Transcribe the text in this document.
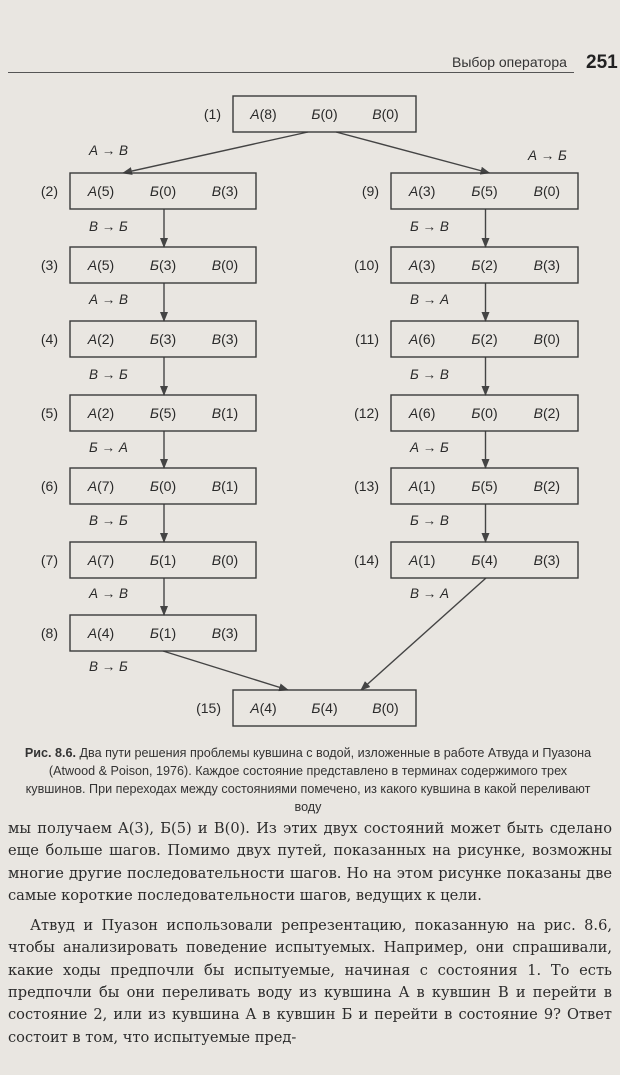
Выбор оператора 251
(1) A(8) Б(0) В(0)
(2) A(5)	Б(0)	В(3)
(3) A(5)	Б(3)	В(0)
(4) A(2)	Б(3)	В(3)
(5) A(2)	Б(5)	В(1)
(6) A(7)	Б(0)	В(1)
(7) A(7)	Б(1)	В(0)
(8) A(4)	Б(1)	В(3)
(9) A(3)	Б(5)	В(0)
(10) A(3)	Б(2)	В(3)
(11) A(6)	Б(2)	В(0)
(12) A(6)	Б(0)	В(2)
(13) A(1)	Б(5)	В(2)
(14) A(1)	Б(4)	В(3)
(15) A(4) Б(4) В(0)
A → В
В → Б
A → В
В → Б
Б → A
В → Б
A → В
В → Б
A → Б
Б → В
В → A
Б → В
A → Б
Б → В
В → A
Рис. 8.6. Два пути решения проблемы кувшина с водой, изложенные в работе Атвуда и Пуазона (Atwood & Poison, 1976). Каждое состояние представлено в терминах содержимого трех кувшинов. При переходах между состояниями помечено, из какого кувшина в какой переливают воду

мы получаем A(3), Б(5) и B(0). Из этих двух состояний может быть сделано еще больше шагов. Помимо двух путей, показанных на рисунке, возможны многие другие последовательности шагов. Но на этом рисунке показаны две самые короткие последовательности шагов, ведущих к цели.

Атвуд и Пуазон использовали репрезентацию, показанную на рис. 8.6, чтобы анализировать поведение испытуемых. Например, они спрашивали, какие ходы предпочли бы испытуемые, начиная с состояния 1. То есть предпочли бы они переливать воду из кувшина A в кувшин B и перейти в состояние 2, или из кувшина A в кувшин Б и перейти в состояние 9? Ответ состоит в том, что испытуемые пред-
